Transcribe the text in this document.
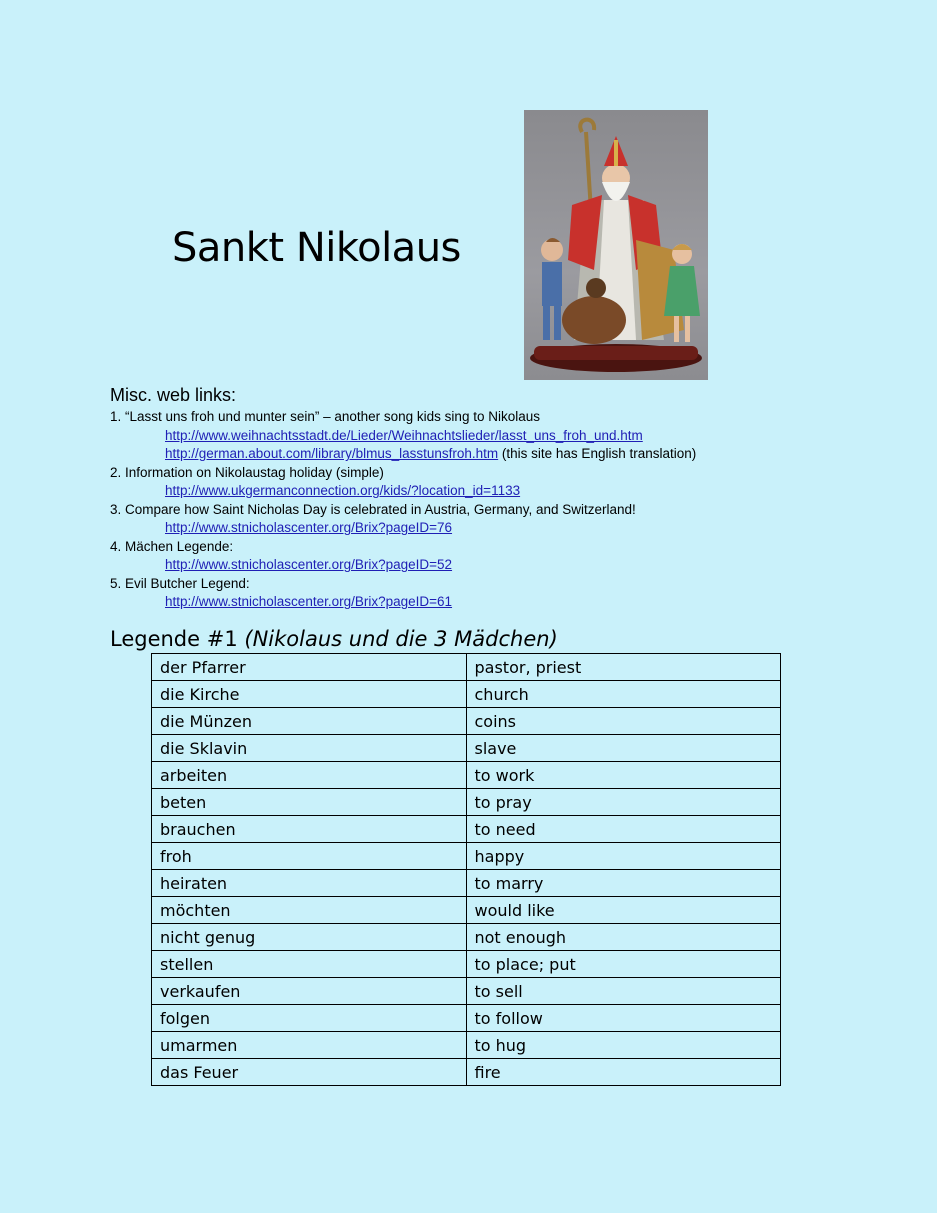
Sankt Nikolaus
Misc. web links:
1. “Lasst uns froh und munter sein” – another song kids sing to Nikolaus
http://www.weihnachtsstadt.de/Lieder/Weihnachtslieder/lasst_uns_froh_und.htm
http://german.about.com/library/blmus_lasstunsfroh.htm (this site has English translation)
2. Information on Nikolaustag holiday (simple)
http://www.ukgermanconnection.org/kids/?location_id=1133
3. Compare how Saint Nicholas Day is celebrated in Austria, Germany, and Switzerland!
http://www.stnicholascenter.org/Brix?pageID=76
4. Mächen Legende:
http://www.stnicholascenter.org/Brix?pageID=52
5. Evil Butcher Legend:
http://www.stnicholascenter.org/Brix?pageID=61
Legende #1 (Nikolaus und die 3 Mädchen)
der Pfarrer	pastor, priest
die Kirche	church
die Münzen	coins
die Sklavin	slave
arbeiten	to work
beten	to pray
brauchen	to need
froh	happy
heiraten	to marry
möchten	would like
nicht genug	not enough
stellen	to place; put
verkaufen	to sell
folgen	to follow
umarmen	to hug
das Feuer	fire
